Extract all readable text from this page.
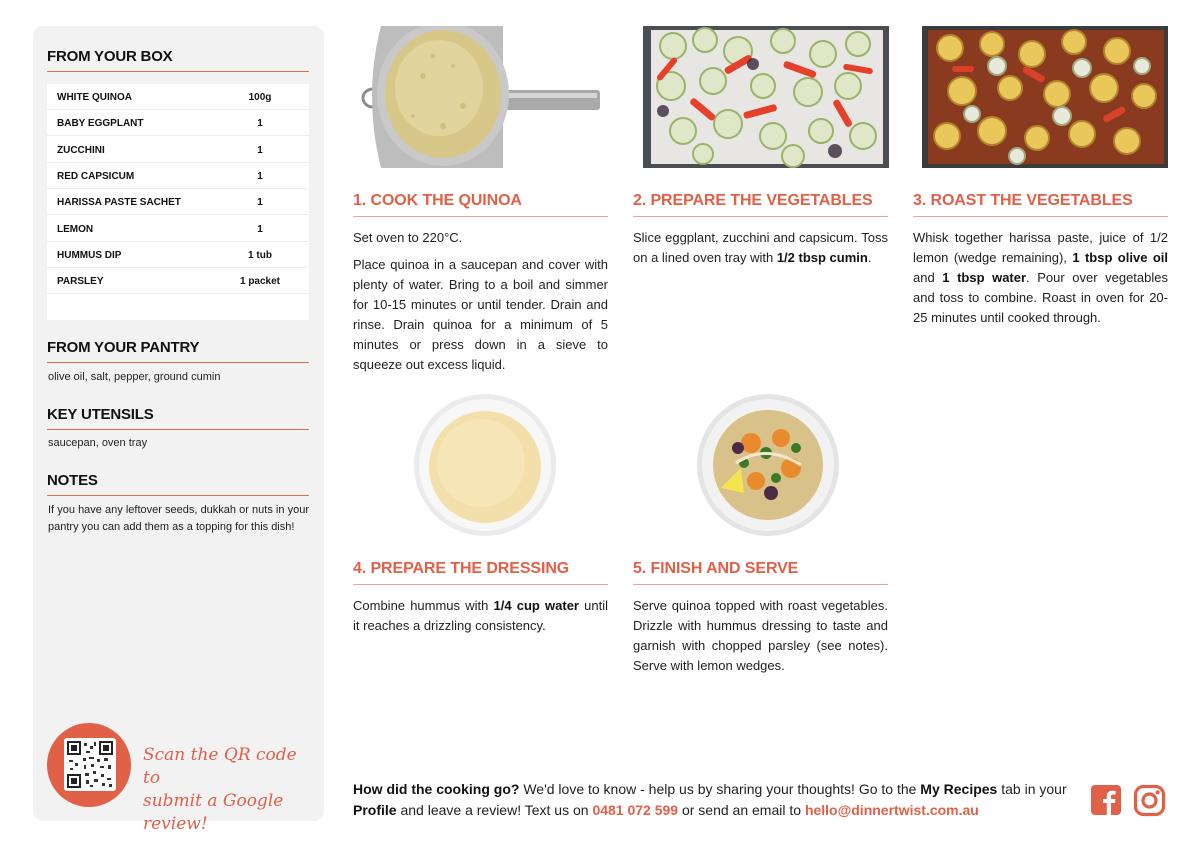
FROM YOUR BOX
WHITE QUINOA	100g
BABY EGGPLANT	1
ZUCCHINI	1
RED CAPSICUM	1
HARISSA PASTE SACHET	1
LEMON	1
HUMMUS DIP	1 tub
PARSLEY	1 packet
FROM YOUR PANTRY
olive oil, salt, pepper, ground cumin
KEY UTENSILS
saucepan, oven tray
NOTES
If you have any leftover seeds, dukkah or nuts in your pantry you can add them as a topping for this dish!
Scan the QR code to
submit a Google review!
1. COOK THE QUINOA

Set oven to 220°C.

Place quinoa in a saucepan and cover with plenty of water. Bring to a boil and simmer for 10-15 minutes or until tender. Drain and rinse. Drain quinoa for a minimum of 5 minutes or press down in a sieve to squeeze out excess liquid.

2. PREPARE THE VEGETABLES

Slice eggplant, zucchini and capsicum. Toss on a lined oven tray with 1/2 tbsp cumin.

3. ROAST THE VEGETABLES

Whisk together harissa paste, juice of 1/2 lemon (wedge remaining), 1 tbsp olive oil and 1 tbsp water. Pour over vegetables and toss to combine. Roast in oven for 20-25 minutes until cooked through.

4. PREPARE THE DRESSING

Combine hummus with 1/4 cup water until it reaches a drizzling consistency.

5. FINISH AND SERVE

Serve quinoa topped with roast vegetables. Drizzle with hummus dressing to taste and garnish with chopped parsley (see notes). Serve with lemon wedges.

How did the cooking go? We'd love to know - help us by sharing your thoughts! Go to the My Recipes tab in your Profile and leave a review! Text us on 0481 072 599 or send an email to hello@dinnertwist.com.au
